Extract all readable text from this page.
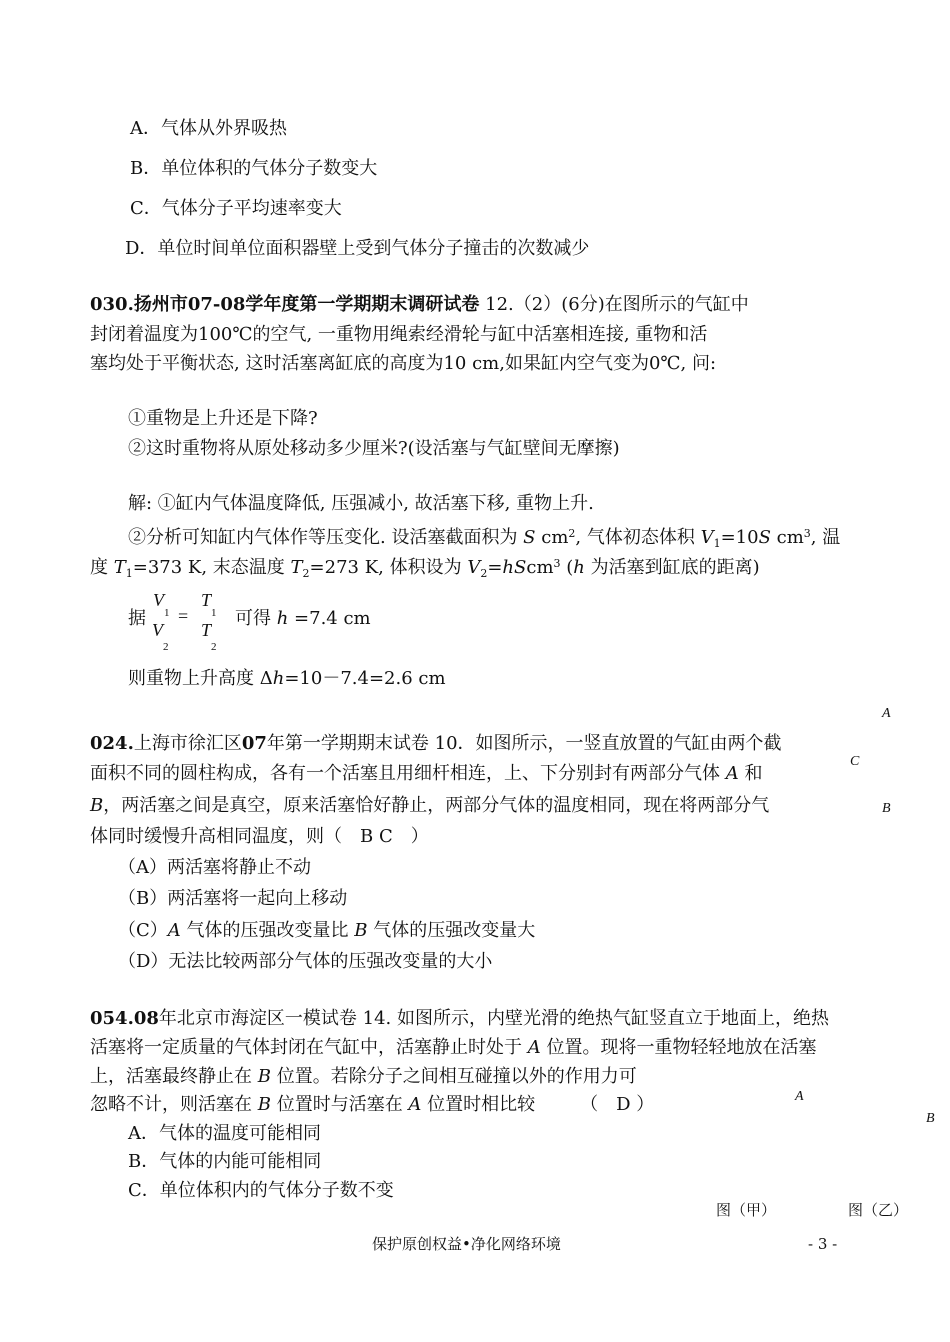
A．气体从外界吸热
B．单位体积的气体分子数变大
C．气体分子平均速率变大
D．单位时间单位面积器壁上受到气体分子撞击的次数减少
030.扬州市07-08学年度第一学期期末调研试卷 12.（2）(6分)在图所示的气缸中
封闭着温度为100℃的空气, 一重物用绳索经滑轮与缸中活塞相连接, 重物和活
塞均处于平衡状态, 这时活塞离缸底的高度为10 cm,如果缸内空气变为0℃, 问:
①重物是上升还是下降?
②这时重物将从原处移动多少厘米?(设活塞与气缸壁间无摩擦)
解: ①缸内气体温度降低, 压强减小, 故活塞下移, 重物上升.
②分析可知缸内气体作等压变化. 设活塞截面积为 S $cm^2$, 气体初态体积 $V_1=10S$ $cm^3$, 温
度 $T_1=373$ K, 末态温度 $T_2=273$ K, 体积设为 $V_2=hScm^3$ (h 为活塞到缸底的距离)
据
V
1
V
2
=
T
1
T
2
可得 h =7.4 cm
则重物上升高度 Δh=10－7.4=2.6 cm
024.上海市徐汇区07年第一学期期末试卷 10．如图所示，一竖直放置的气缸由两个截
面积不同的圆柱构成，各有一个活塞且用细杆相连，上、下分别封有两部分气体 A 和
B，两活塞之间是真空，原来活塞恰好静止，两部分气体的温度相同，现在将两部分气
体同时缓慢升高相同温度，则（　B C　）
（A）两活塞将静止不动
（B）两活塞将一起向上移动
（C）A 气体的压强改变量比 B 气体的压强改变量大
（D）无法比较两部分气体的压强改变量的大小
A
C
B
054.08年北京市海淀区一模试卷 14. 如图所示，内壁光滑的绝热气缸竖直立于地面上，绝热
活塞将一定质量的气体封闭在气缸中，活塞静止时处于 A 位置。现将一重物轻轻地放在活塞
上，活塞最终静止在 B 位置。若除分子之间相互碰撞以外的作用力可
忽略不计，则活塞在 B 位置时与活塞在 A 位置时相比较　　　（　D ）
A．气体的温度可能相同
B．气体的内能可能相同
C．单位体积内的气体分子数不变
A
B
图（甲）	图（乙）
保护原创权益•净化网络环境	- 3 -
